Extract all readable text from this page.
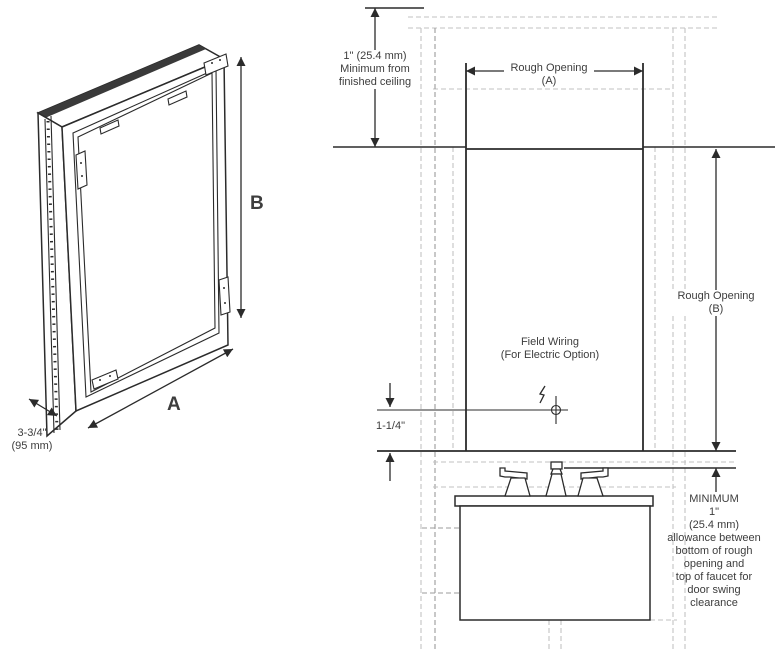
1" (25.4 mm)
Minimum from
finished ceiling
Rough Opening
(A)
Rough Opening
(B)
Field Wiring
(For Electric Option)
1-1/4"
MINIMUM
1"
(25.4 mm)
allowance between
bottom of rough
opening and
top of faucet for
door swing
clearance
B
A
3-3/4"
(95 mm)
